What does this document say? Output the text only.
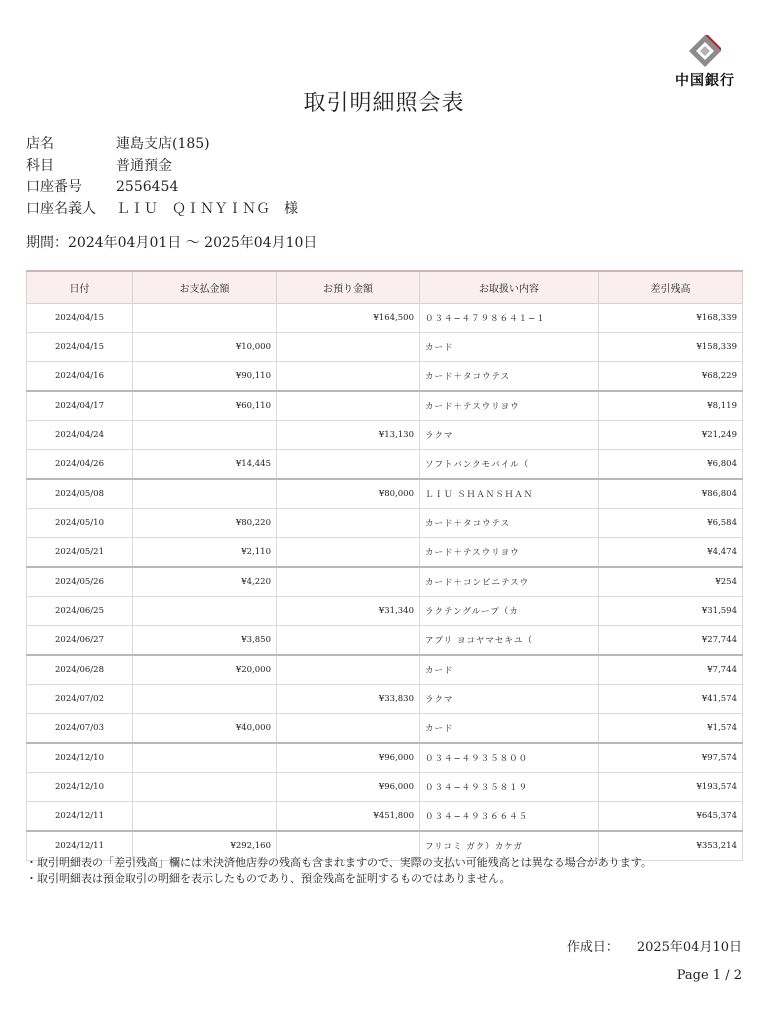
中国銀行
取引明細照会表
店名	連島支店(185)
科目	普通預金
口座番号	2556454
口座名義人	ＬＩＵ　ＱＩＮＹＩＮＧ　様
期間：2024年04月01日 〜 2025年04月10日
日付	お支払金額	お預り金額	お取扱い内容	差引残高
2024/04/15		¥164,500	０３４−４７９８６４１−１	¥168,339
2024/04/15	¥10,000		カード	¥158,339
2024/04/16	¥90,110		カード＋タコウテス	¥68,229
2024/04/17	¥60,110		カード＋テスウリヨウ	¥8,119
2024/04/24		¥13,130	ラクマ	¥21,249
2024/04/26	¥14,445		ソフトバンクモバイル（	¥6,804
2024/05/08		¥80,000	ＬＩＵ ＳＨＡＮＳＨＡＮ	¥86,804
2024/05/10	¥80,220		カード＋タコウテス	¥6,584
2024/05/21	¥2,110		カード＋テスウリヨウ	¥4,474
2024/05/26	¥4,220		カード＋コンビニテスウ	¥254
2024/06/25		¥31,340	ラクテングループ（カ	¥31,594
2024/06/27	¥3,850		アプリ ヨコヤマセキユ（	¥27,744
2024/06/28	¥20,000		カード	¥7,744
2024/07/02		¥33,830	ラクマ	¥41,574
2024/07/03	¥40,000		カード	¥1,574
2024/12/10		¥96,000	０３４−４９３５８００	¥97,574
2024/12/10		¥96,000	０３４−４９３５８１９	¥193,574
2024/12/11		¥451,800	０３４−４９３６６４５	¥645,374
2024/12/11	¥292,160		フリコミ ガク）カケガ	¥353,214
・取引明細表の「差引残高」欄には未決済他店券の残高も含まれますので、実際の支払い可能残高とは異なる場合があります。
・取引明細表は預金取引の明細を表示したものであり、預金残高を証明するものではありません。
作成日： 2025年04月10日
Page 1 / 2
